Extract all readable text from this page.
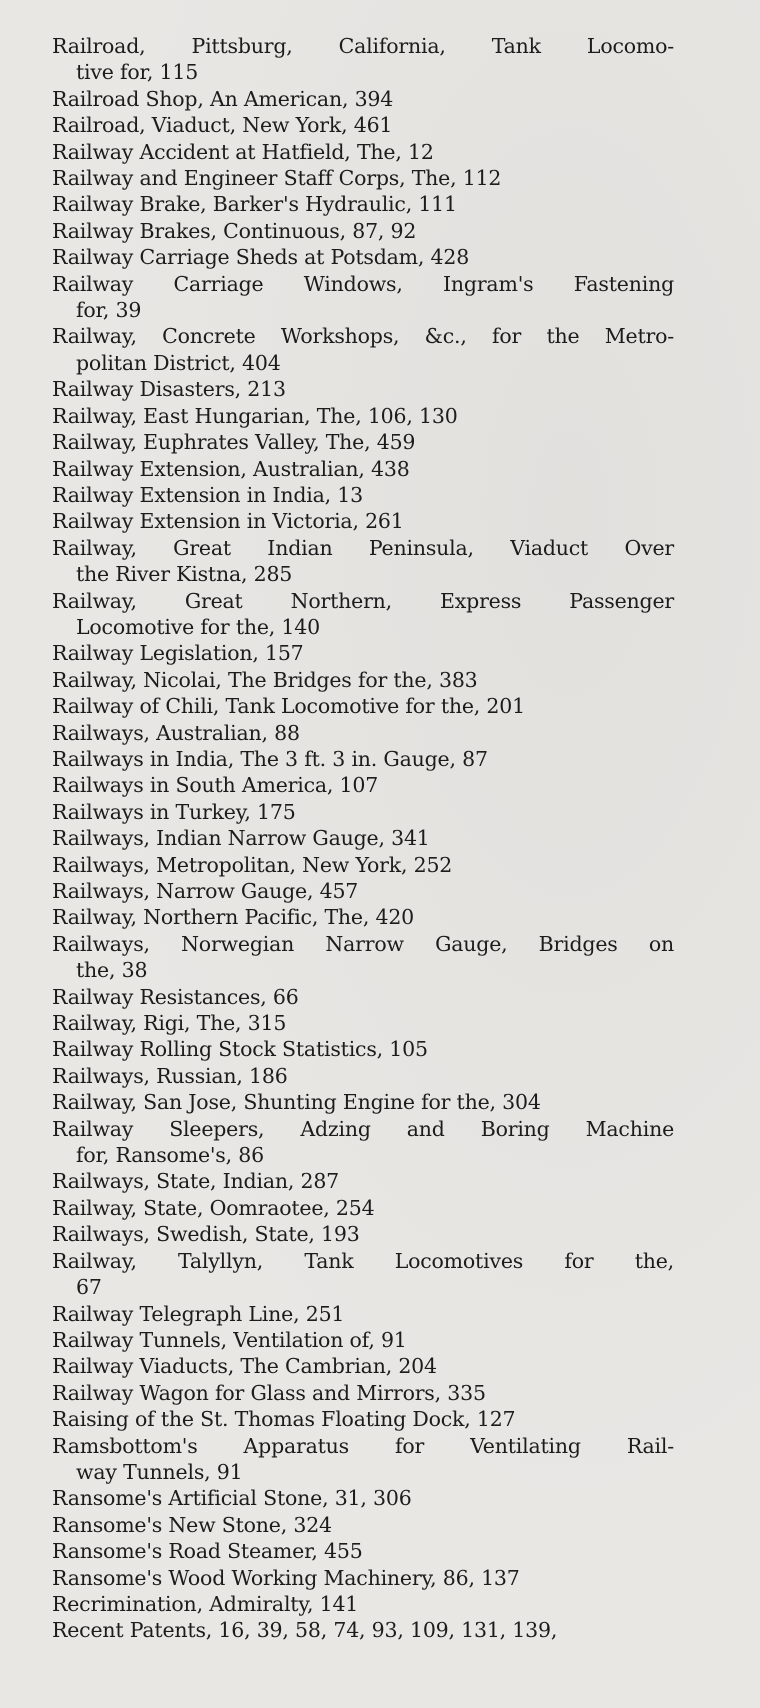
Railroad, Pittsburg, California, Tank Locomo-
tive for, 115
Railroad Shop, An American, 394
Railroad, Viaduct, New York, 461
Railway Accident at Hatfield, The, 12
Railway and Engineer Staff Corps, The, 112
Railway Brake, Barker's Hydraulic, 111
Railway Brakes, Continuous, 87, 92
Railway Carriage Sheds at Potsdam, 428
Railway Carriage Windows, Ingram's Fastening
for, 39
Railway, Concrete Workshops, &c., for the Metro-
politan District, 404
Railway Disasters, 213
Railway, East Hungarian, The, 106, 130
Railway, Euphrates Valley, The, 459
Railway Extension, Australian, 438
Railway Extension in India, 13
Railway Extension in Victoria, 261
Railway, Great Indian Peninsula, Viaduct Over
the River Kistna, 285
Railway, Great Northern, Express Passenger
Locomotive for the, 140
Railway Legislation, 157
Railway, Nicolai, The Bridges for the, 383
Railway of Chili, Tank Locomotive for the, 201
Railways, Australian, 88
Railways in India, The 3 ft. 3 in. Gauge, 87
Railways in South America, 107
Railways in Turkey, 175
Railways, Indian Narrow Gauge, 341
Railways, Metropolitan, New York, 252
Railways, Narrow Gauge, 457
Railway, Northern Pacific, The, 420
Railways, Norwegian Narrow Gauge, Bridges on
the, 38
Railway Resistances, 66
Railway, Rigi, The, 315
Railway Rolling Stock Statistics, 105
Railways, Russian, 186
Railway, San Jose, Shunting Engine for the, 304
Railway Sleepers, Adzing and Boring Machine
for, Ransome's, 86
Railways, State, Indian, 287
Railway, State, Oomraotee, 254
Railways, Swedish, State, 193
Railway, Talyllyn, Tank Locomotives for the,
67
Railway Telegraph Line, 251
Railway Tunnels, Ventilation of, 91
Railway Viaducts, The Cambrian, 204
Railway Wagon for Glass and Mirrors, 335
Raising of the St. Thomas Floating Dock, 127
Ramsbottom's Apparatus for Ventilating Rail-
way Tunnels, 91
Ransome's Artificial Stone, 31, 306
Ransome's New Stone, 324
Ransome's Road Steamer, 455
Ransome's Wood Working Machinery, 86, 137
Recrimination, Admiralty, 141
Recent Patents, 16, 39, 58, 74, 93, 109, 131, 139,
